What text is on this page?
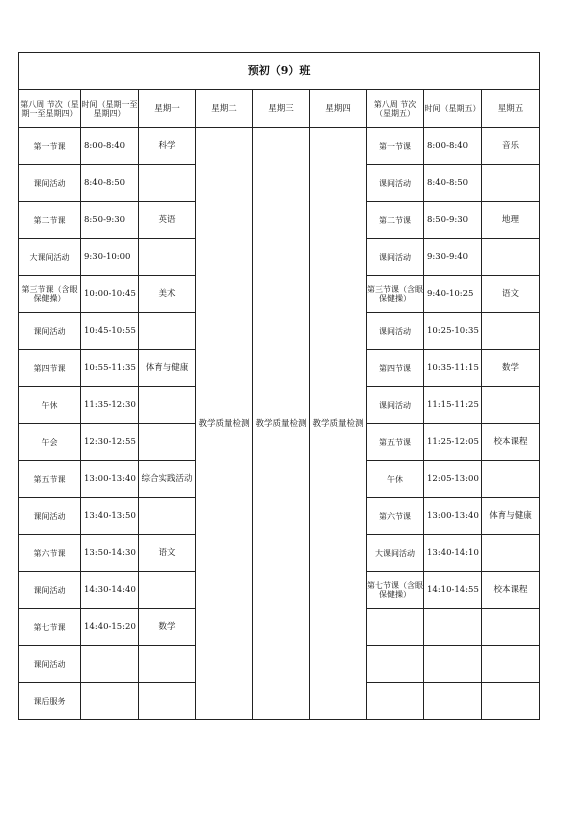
预初（9）班								
第八周 节次（星期一至星期四）	时间（星期一至星期四）	星期一	星期二	星期三	星期四	第八周 节次（星期五）	时间（星期五）	星期五
第一节课	8:00-8:40	科学	教学质量检测	教学质量检测	教学质量检测	第一节课	8:00-8:40	音乐
课间活动	8:40-8:50					课间活动	8:40-8:50	
第二节课	8:50-9:30	英语				第二节课	8:50-9:30	地理
大课间活动	9:30-10:00					课间活动	9:30-9:40	
第三节课（含眼保健操）	10:00-10:45	美术				第三节课（含眼保健操）	9:40-10:25	语文
课间活动	10:45-10:55					课间活动	10:25-10:35	
第四节课	10:55-11:35	体育与健康				第四节课	10:35-11:15	数学
午休	11:35-12:30					课间活动	11:15-11:25	
午会	12:30-12:55					第五节课	11:25-12:05	校本课程
第五节课	13:00-13:40	综合实践活动				午休	12:05-13:00	
课间活动	13:40-13:50					第六节课	13:00-13:40	体育与健康
第六节课	13:50-14:30	语文				大课间活动	13:40-14:10	
课间活动	14:30-14:40					第七节课（含眼保健操）	14:10-14:55	校本课程
第七节课	14:40-15:20	数学						
课间活动								
课后服务								
